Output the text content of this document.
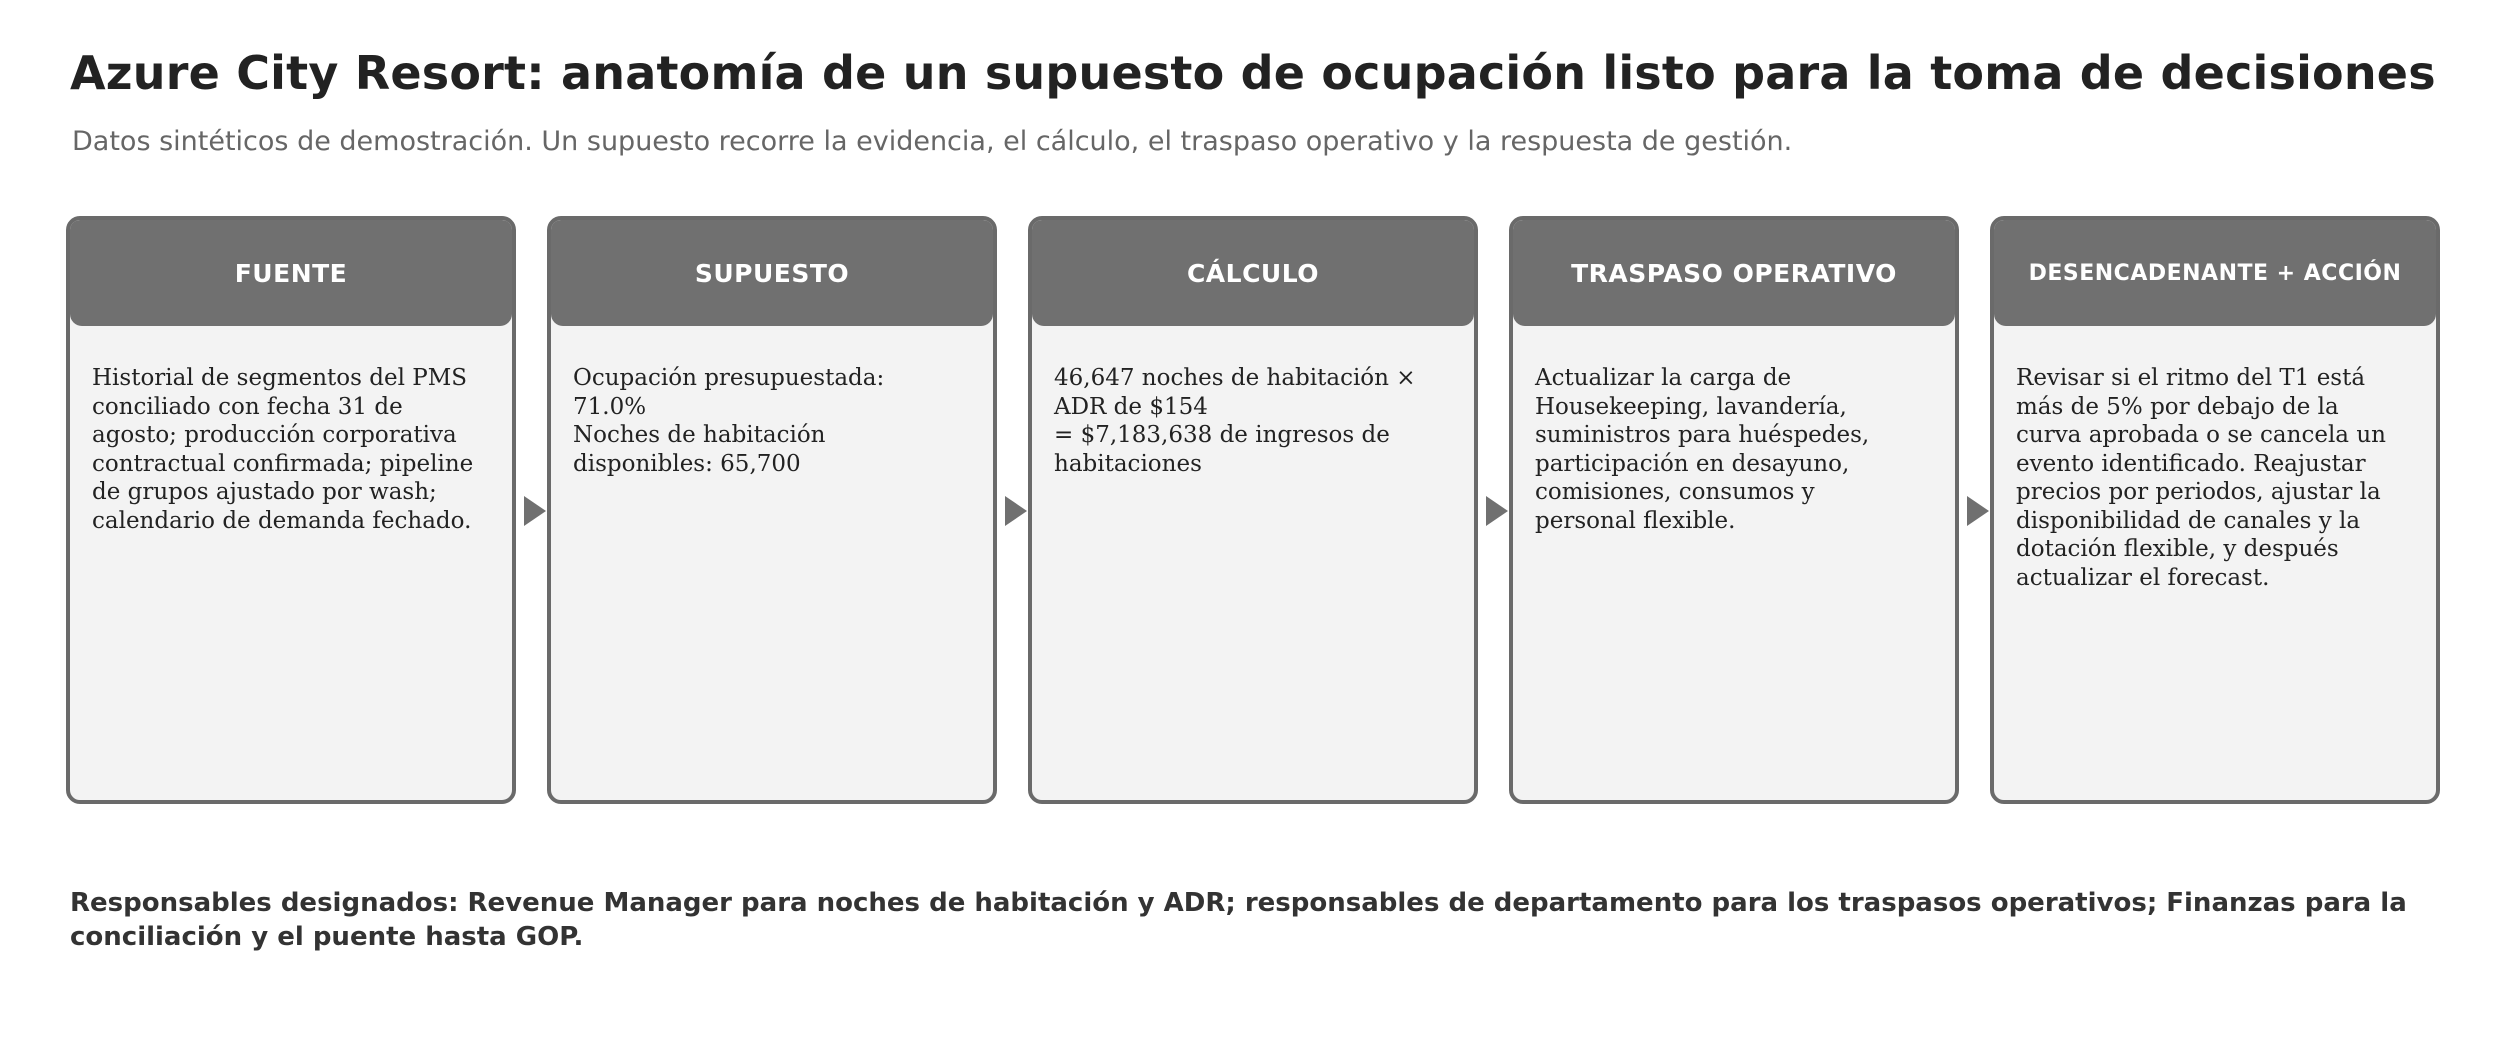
Azure City Resort: anatomía de un supuesto de ocupación listo para la toma de decisiones
Datos sintéticos de demostración. Un supuesto recorre la evidencia, el cálculo, el traspaso operativo y la respuesta de gestión.
FUENTE
Historial de segmentos del PMS
conciliado con fecha 31 de
agosto; producción corporativa
contractual confirmada; pipeline
de grupos ajustado por wash;
calendario de demanda fechado.
SUPUESTO
Ocupación presupuestada:
71.0%
Noches de habitación
disponibles: 65,700
CÁLCULO
46,647 noches de habitación ×
ADR de $154
= $7,183,638 de ingresos de
habitaciones
TRASPASO OPERATIVO
Actualizar la carga de
Housekeeping, lavandería,
suministros para huéspedes,
participación en desayuno,
comisiones, consumos y
personal flexible.
DESENCADENANTE + ACCIÓN
Revisar si el ritmo del T1 está
más de 5% por debajo de la
curva aprobada o se cancela un
evento identificado. Reajustar
precios por periodos, ajustar la
disponibilidad de canales y la
dotación flexible, y después
actualizar el forecast.
Responsables designados: Revenue Manager para noches de habitación y ADR; responsables de departamento para los traspasos operativos; Finanzas para la conciliación y el puente hasta GOP.
